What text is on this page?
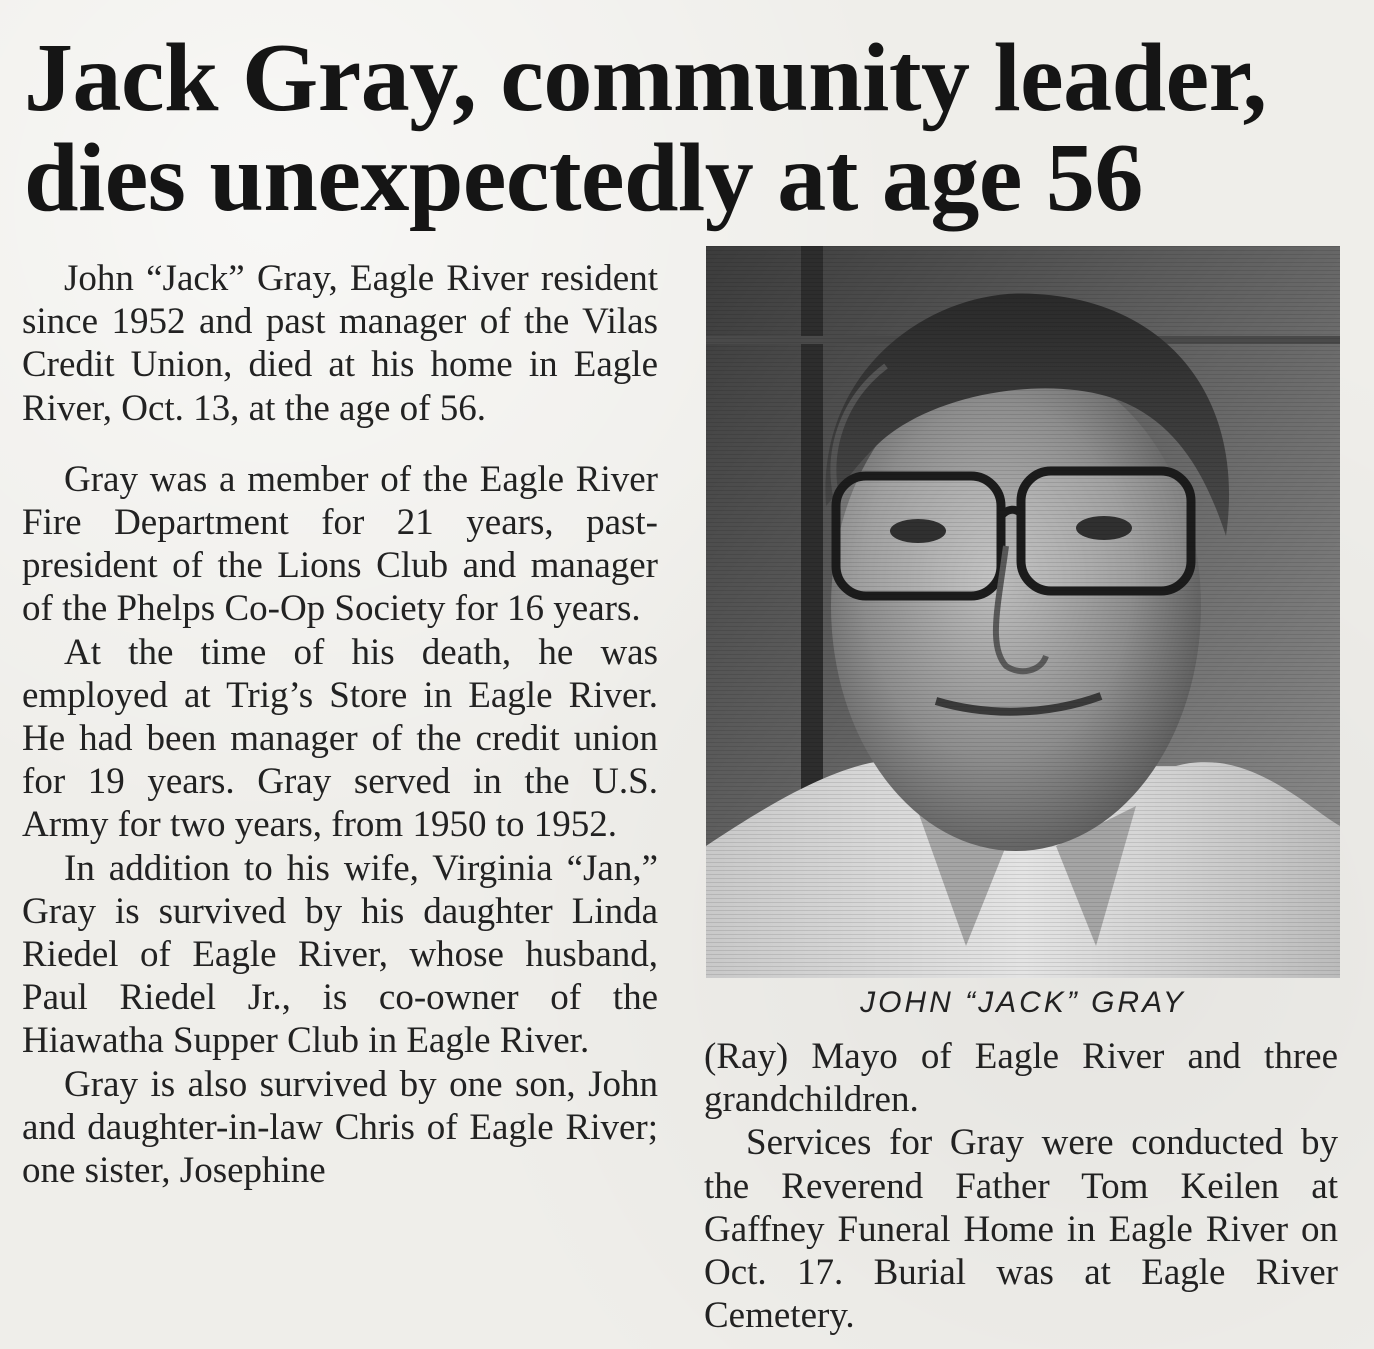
Jack Gray, community leader,
dies unexpectedly at age 56

John “Jack” Gray, Eagle River resident since 1952 and past manager of the Vilas Credit Union, died at his home in Eagle River, Oct. 13, at the age of 56.

Gray was a member of the Eagle River Fire Department for 21 years, past-president of the Lions Club and manager of the Phelps Co-Op Society for 16 years.

At the time of his death, he was employed at Trig’s Store in Eagle River. He had been manager of the credit union for 19 years. Gray served in the U.S. Army for two years, from 1950 to 1952.

In addition to his wife, Virginia “Jan,” Gray is survived by his daughter Linda Riedel of Eagle River, whose husband, Paul Riedel Jr., is co-owner of the Hiawatha Supper Club in Eagle River.

Gray is also survived by one son, John and daughter-in-law Chris of Eagle River; one sister, Josephine

JOHN “JACK” GRAY

(Ray) Mayo of Eagle River and three grandchildren.

Services for Gray were conducted by the Reverend Father Tom Keilen at Gaffney Funeral Home in Eagle River on Oct. 17. Burial was at Eagle River Cemetery.
